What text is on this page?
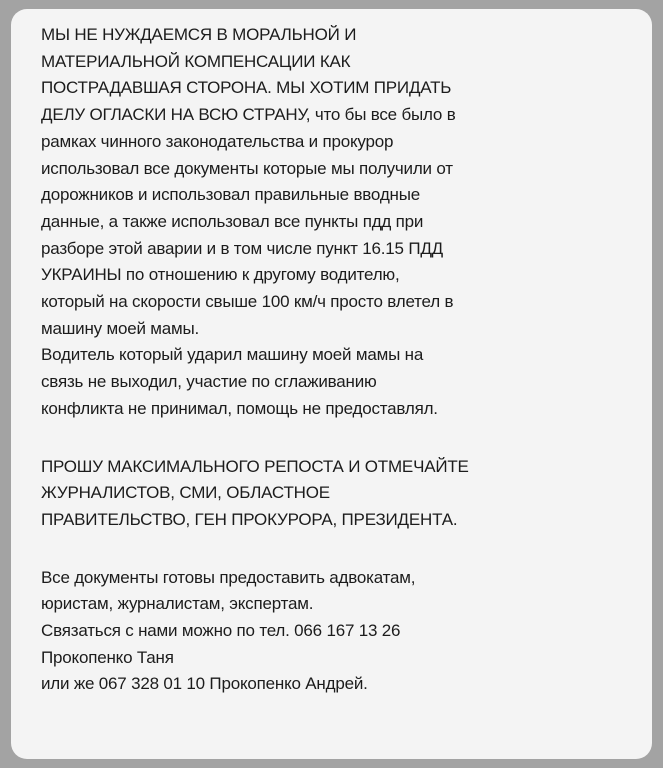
МЫ НЕ НУЖДАЕМСЯ В МОРАЛЬНОЙ И
МАТЕРИАЛЬНОЙ КОМПЕНСАЦИИ КАК
ПОСТРАДАВШАЯ СТОРОНА. МЫ ХОТИМ ПРИДАТЬ
ДЕЛУ ОГЛАСКИ НА ВСЮ СТРАНУ, что бы все было в
рамках чинного законодательства и прокурор
использовал все документы которые мы получили от
дорожников и использовал правильные вводные
данные, а также использовал все пункты пдд при
разборе этой аварии и в том числе пункт 16.15 ПДД
УКРАИНЫ по отношению к другому водителю,
который на скорости свыше 100 км/ч просто влетел в
машину моей мамы.
Водитель который ударил машину моей мамы на
связь не выходил, участие по сглаживанию
конфликта не принимал, помощь не предоставлял.
ПРОШУ МАКСИМАЛЬНОГО РЕПОСТА И ОТМЕЧАЙТЕ
ЖУРНАЛИСТОВ, СМИ, ОБЛАСТНОЕ
ПРАВИТЕЛЬСТВО, ГЕН ПРОКУРОРА, ПРЕЗИДЕНТА.
Все документы готовы предоставить адвокатам,
юристам, журналистам, экспертам.
Связаться с нами можно по тел. 066 167 13 26
Прокопенко Таня
или же 067 328 01 10 Прокопенко Андрей.
